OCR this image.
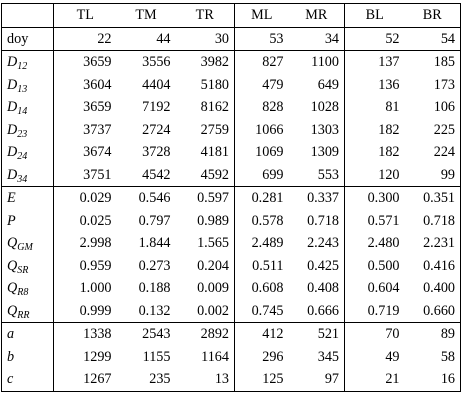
	TL	TM	TR	ML	MR	BL	BR
doy	22	44	30	53	34	52	54
$D_{12}$	3659	3556	3982	827	1100	137	185
$D_{13}$	3604	4404	5180	479	649	136	173
$D_{14}$	3659	7192	8162	828	1028	81	106
$D_{23}$	3737	2724	2759	1066	1303	182	225
$D_{24}$	3674	3728	4181	1069	1309	182	224
$D_{34}$	3751	4542	4592	699	553	120	99
E	0.029	0.546	0.597	0.281	0.337	0.300	0.351
P	0.025	0.797	0.989	0.578	0.718	0.571	0.718
$Q_{GM}$	2.998	1.844	1.565	2.489	2.243	2.480	2.231
$Q_{SR}$	0.959	0.273	0.204	0.511	0.425	0.500	0.416
$Q_{R8}$	1.000	0.188	0.009	0.608	0.408	0.604	0.400
$Q_{RR}$	0.999	0.132	0.002	0.745	0.666	0.719	0.660
a	1338	2543	2892	412	521	70	89
b	1299	1155	1164	296	345	49	58
c	1267	235	13	125	97	21	16
